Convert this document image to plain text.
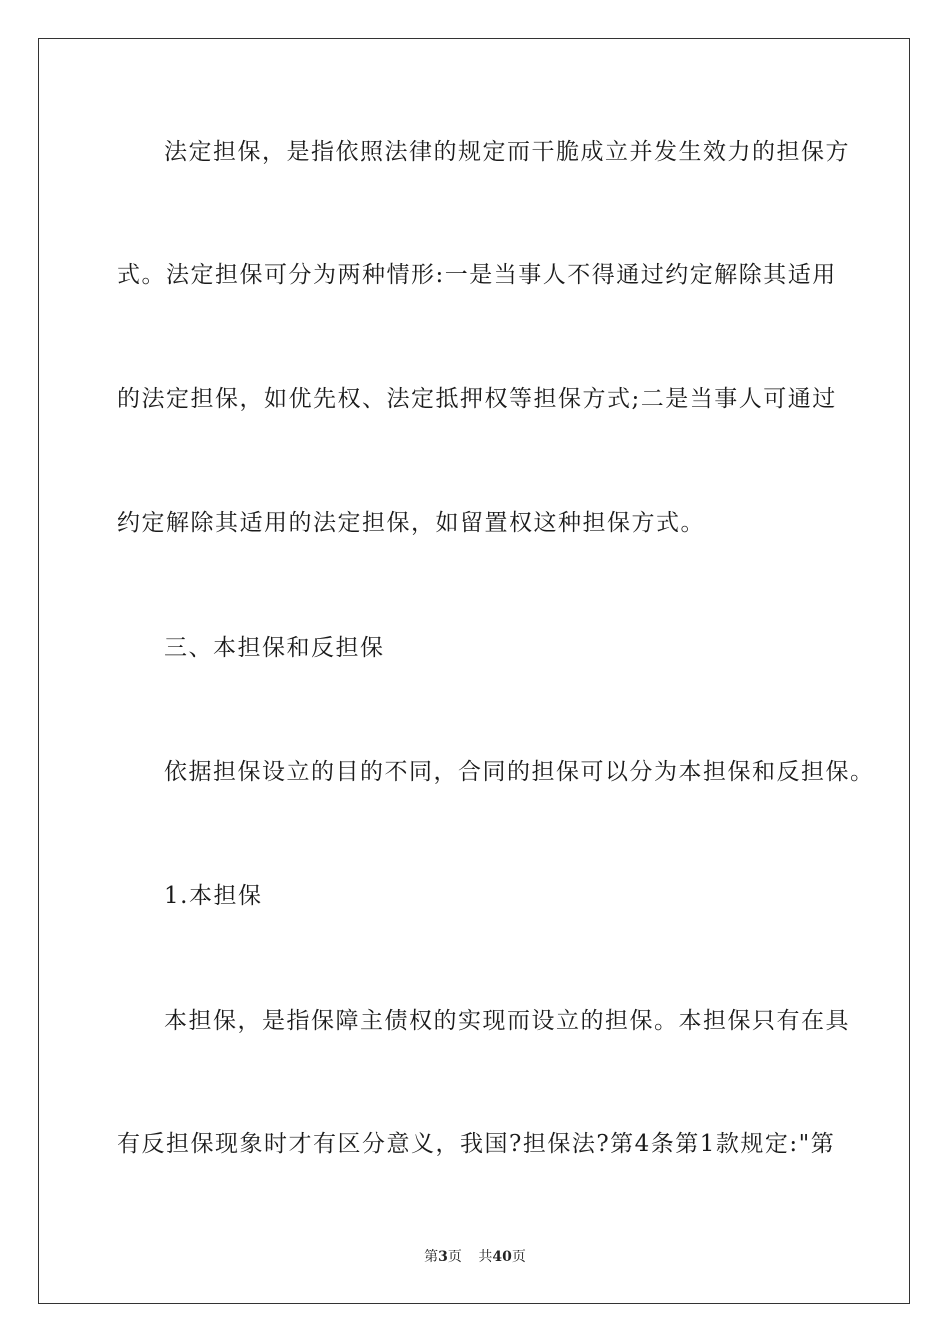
法定担保，是指依照法律的规定而干脆成立并发生效力的担保方
式。法定担保可分为两种情形:一是当事人不得通过约定解除其适用
的法定担保，如优先权、法定抵押权等担保方式;二是当事人可通过
约定解除其适用的法定担保，如留置权这种担保方式。
三、本担保和反担保
依据担保设立的目的不同，合同的担保可以分为本担保和反担保。
1.本担保
本担保，是指保障主债权的实现而设立的担保。本担保只有在具
有反担保现象时才有区分意义，我国?担保法?第4条第1款规定:"第
第3页 共40页
